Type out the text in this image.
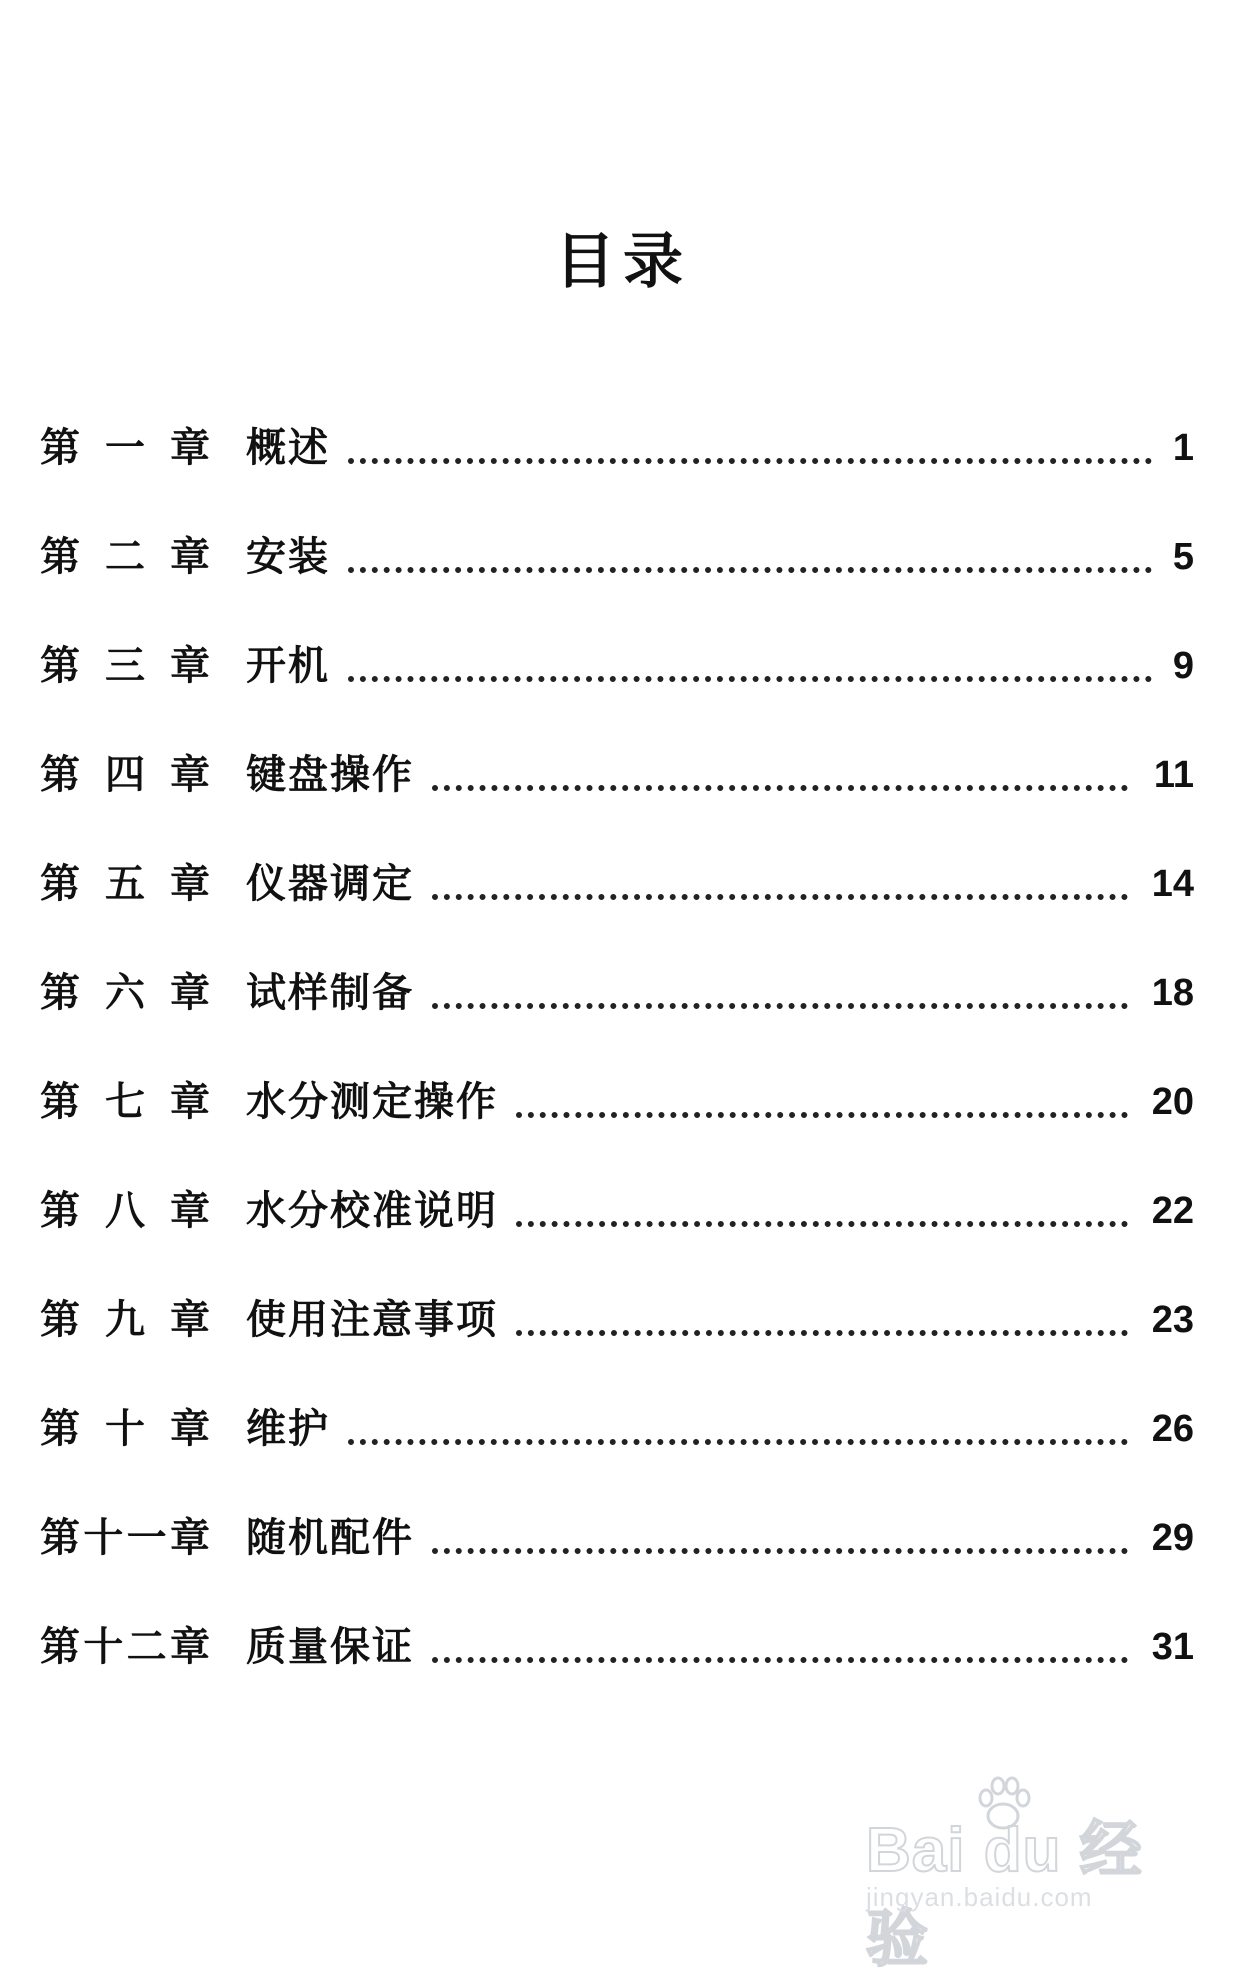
目录
第 一 章 概述	1
第 二 章 安装	5
第 三 章 开机	9
第 四 章 键盘操作	11
第 五 章 仪器调定	14
第 六 章 试样制备	18
第 七 章 水分测定操作	20
第 八 章 水分校准说明	22
第 九 章 使用注意事项	23
第 十 章 维护	26
第 十 一 章 随机配件	29
第 十 二 章 质量保证	31
Bai du 经验
jingyan.baidu.com
